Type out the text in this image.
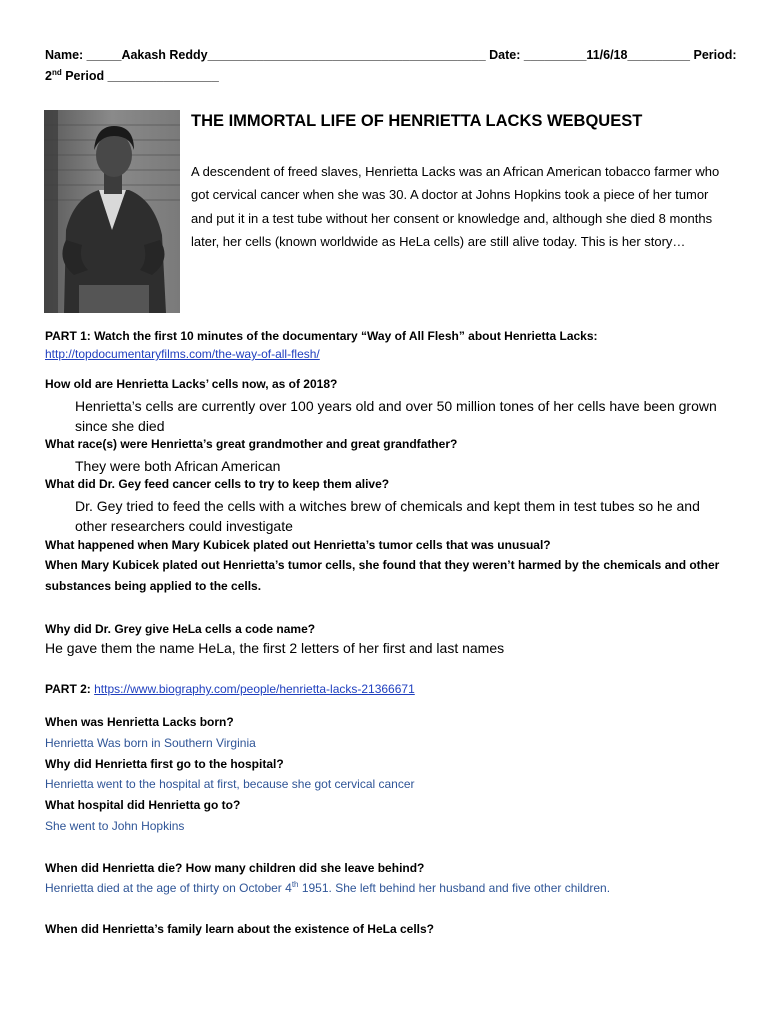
Name: _____Aakash Reddy________________________________________ Date: _________11/6/18_________ Period:
2nd Period ________________
THE IMMORTAL LIFE OF HENRIETTA LACKS WEBQUEST
A descendent of freed slaves, Henrietta Lacks was an African American tobacco farmer who got cervical cancer when she was 30. A doctor at Johns Hopkins took a piece of her tumor and put it in a test tube without her consent or knowledge and, although she died 8 months later, her cells (known worldwide as HeLa cells) are still alive today. This is her story…
PART 1: Watch the first 10 minutes of the documentary “Way of All Flesh” about Henrietta Lacks:
http://topdocumentaryfilms.com/the-way-of-all-flesh/
How old are Henrietta Lacks’ cells now, as of 2018?
Henrietta’s cells are currently over 100 years old and over 50 million tones of her cells have been grown since she died
What race(s) were Henrietta’s great grandmother and great grandfather?
They were both African American
What did Dr. Gey feed cancer cells to try to keep them alive?
Dr. Gey tried to feed the cells with a witches brew of chemicals and kept them in test tubes so he and other researchers could investigate
What happened when Mary Kubicek plated out Henrietta’s tumor cells that was unusual?
When Mary Kubicek plated out Henrietta’s tumor cells, she found that they weren’t harmed by the chemicals and other substances being applied to the cells.
Why did Dr. Grey give HeLa cells a code name?
He gave them the name HeLa, the first 2 letters of her first and last names
PART 2: https://www.biography.com/people/henrietta-lacks-21366671
When was Henrietta Lacks born?
Henrietta Was born in Southern Virginia
Why did Henrietta first go to the hospital?
Henrietta went to the hospital at first, because she got cervical cancer
What hospital did Henrietta go to?
She went to John Hopkins
When did Henrietta die? How many children did she leave behind?
Henrietta died at the age of thirty on October 4th 1951. She left behind her husband and five other children.
When did Henrietta’s family learn about the existence of HeLa cells?
